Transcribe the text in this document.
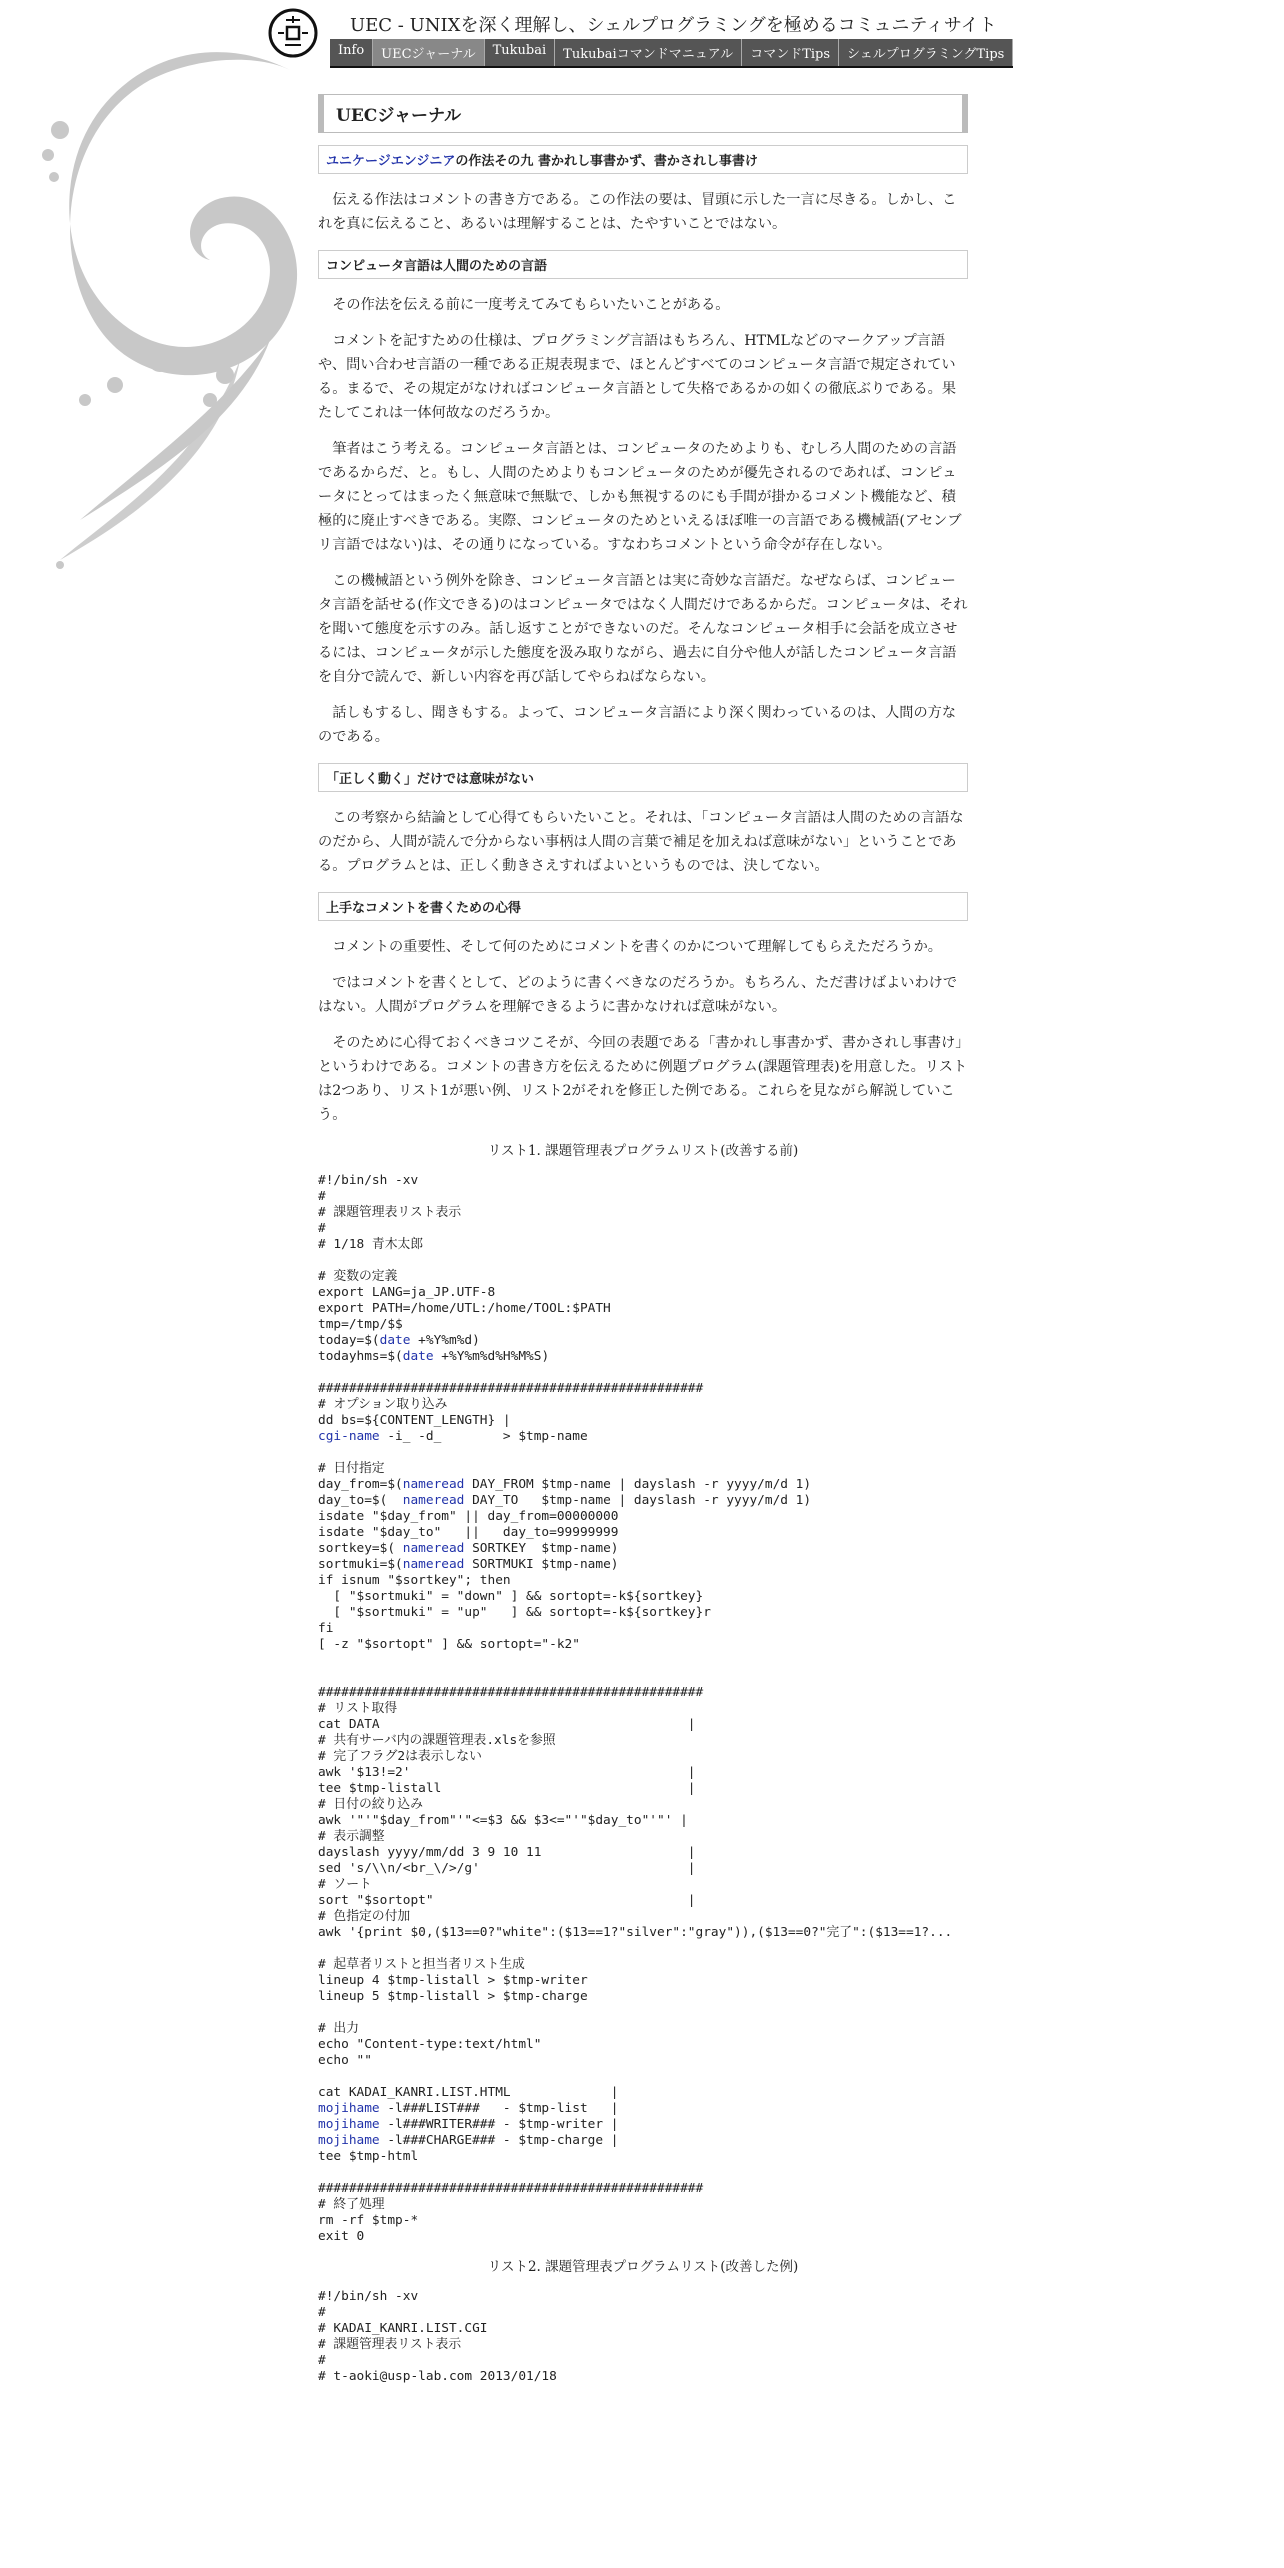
UEC - UNIXを深く理解し、シェルプログラミングを極めるコミュニティサイト
Info	UECジャーナル	Tukubai	Tukubaiコマンドマニュアル	コマンドTips	シェルプログラミングTips
UECジャーナル
ユニケージエンジニアの作法その九 書かれし事書かず、書かされし事書け

伝える作法はコメントの書き方である。この作法の要は、冒頭に示した一言に尽きる。しかし、これを真に伝えること、あるいは理解することは、たやすいことではない。

コンピュータ言語は人間のための言語

その作法を伝える前に一度考えてみてもらいたいことがある。

コメントを記すための仕様は、プログラミング言語はもちろん、HTMLなどのマークアップ言語や、問い合わせ言語の一種である正規表現まで、ほとんどすべてのコンピュータ言語で規定されている。まるで、その規定がなければコンピュータ言語として失格であるかの如くの徹底ぶりである。果たしてこれは一体何故なのだろうか。

筆者はこう考える。コンピュータ言語とは、コンピュータのためよりも、むしろ人間のための言語であるからだ、と。もし、人間のためよりもコンピュータのためが優先されるのであれば、コンピュータにとってはまったく無意味で無駄で、しかも無視するのにも手間が掛かるコメント機能など、積極的に廃止すべきである。実際、コンピュータのためといえるほぼ唯一の言語である機械語(アセンブリ言語ではない)は、その通りになっている。すなわちコメントという命令が存在しない。

この機械語という例外を除き、コンピュータ言語とは実に奇妙な言語だ。なぜならば、コンピュータ言語を話せる(作文できる)のはコンピュータではなく人間だけであるからだ。コンピュータは、それを聞いて態度を示すのみ。話し返すことができないのだ。そんなコンピュータ相手に会話を成立させるには、コンピュータが示した態度を汲み取りながら、過去に自分や他人が話したコンピュータ言語を自分で読んで、新しい内容を再び話してやらねばならない。

話しもするし、聞きもする。よって、コンピュータ言語により深く関わっているのは、人間の方なのである。

「正しく動く」だけでは意味がない

この考察から結論として心得てもらいたいこと。それは、「コンピュータ言語は人間のための言語なのだから、人間が読んで分からない事柄は人間の言葉で補足を加えねば意味がない」ということである。プログラムとは、正しく動きさえすればよいというものでは、決してない。

上手なコメントを書くための心得

コメントの重要性、そして何のためにコメントを書くのかについて理解してもらえただろうか。

ではコメントを書くとして、どのように書くべきなのだろうか。もちろん、ただ書けばよいわけではない。人間がプログラムを理解できるように書かなければ意味がない。

そのために心得ておくべきコツこそが、今回の表題である「書かれし事書かず、書かされし事書け」というわけである。コメントの書き方を伝えるために例題プログラム(課題管理表)を用意した。リストは2つあり、リスト1が悪い例、リスト2がそれを修正した例である。これらを見ながら解説していこう。

リスト1. 課題管理表プログラムリスト(改善する前)
#!/bin/sh -xv
#
# 課題管理表リスト表示
#
# 1/18 青木太郎

# 変数の定義
export LANG=ja_JP.UTF-8
export PATH=/home/UTL:/home/TOOL:$PATH
tmp=/tmp/$$
today=$(date +%Y%m%d)
todayhms=$(date +%Y%m%d%H%M%S)

##################################################
# オプション取り込み
dd bs=${CONTENT_LENGTH} |
cgi-name -i_ -d_        > $tmp-name

# 日付指定
day_from=$(nameread DAY_FROM $tmp-name | dayslash -r yyyy/m/d 1)
day_to=$(  nameread DAY_TO   $tmp-name | dayslash -r yyyy/m/d 1)
isdate "$day_from" || day_from=00000000
isdate "$day_to"   ||   day_to=99999999
sortkey=$( nameread SORTKEY  $tmp-name)
sortmuki=$(nameread SORTMUKI $tmp-name)
if isnum "$sortkey"; then
[ "$sortmuki" = "down" ] && sortopt=-k${sortkey}
[ "$sortmuki" = "up"   ] && sortopt=-k${sortkey}r
fi
[ -z "$sortopt" ] && sortopt="-k2"

##################################################
# リスト取得
cat DATA                                        |
# 共有サーバ内の課題管理表.xlsを参照
# 完了フラグ2は表示しない
awk '$13!=2'                                    |
tee $tmp-listall                                |
# 日付の絞り込み
awk '"'"$day_from"'"<=$3 && $3<="'"$day_to"'"' |
# 表示調整
dayslash yyyy/mm/dd 3 9 10 11                   |
sed 's/\\n/<br_\/>/g'                           |
# ソート
sort "$sortopt"                                 |
# 色指定の付加
awk '{print $0,($13==0?"white":($13==1?"silver":"gray")),($13==0?"完了":($13==1?...

# 起草者リストと担当者リスト生成
lineup 4 $tmp-listall > $tmp-writer
lineup 5 $tmp-listall > $tmp-charge

# 出力
echo "Content-type:text/html"
echo ""

cat KADAI_KANRI.LIST.HTML             |
mojihame -l###LIST###   - $tmp-list   |
mojihame -l###WRITER### - $tmp-writer |
mojihame -l###CHARGE### - $tmp-charge |
tee $tmp-html

##################################################
# 終了処理
rm -rf $tmp-*
exit 0
リスト2. 課題管理表プログラムリスト(改善した例)
#!/bin/sh -xv
#
# KADAI_KANRI.LIST.CGI
# 課題管理表リスト表示
#
# t-aoki@usp-lab.com 2013/01/18
